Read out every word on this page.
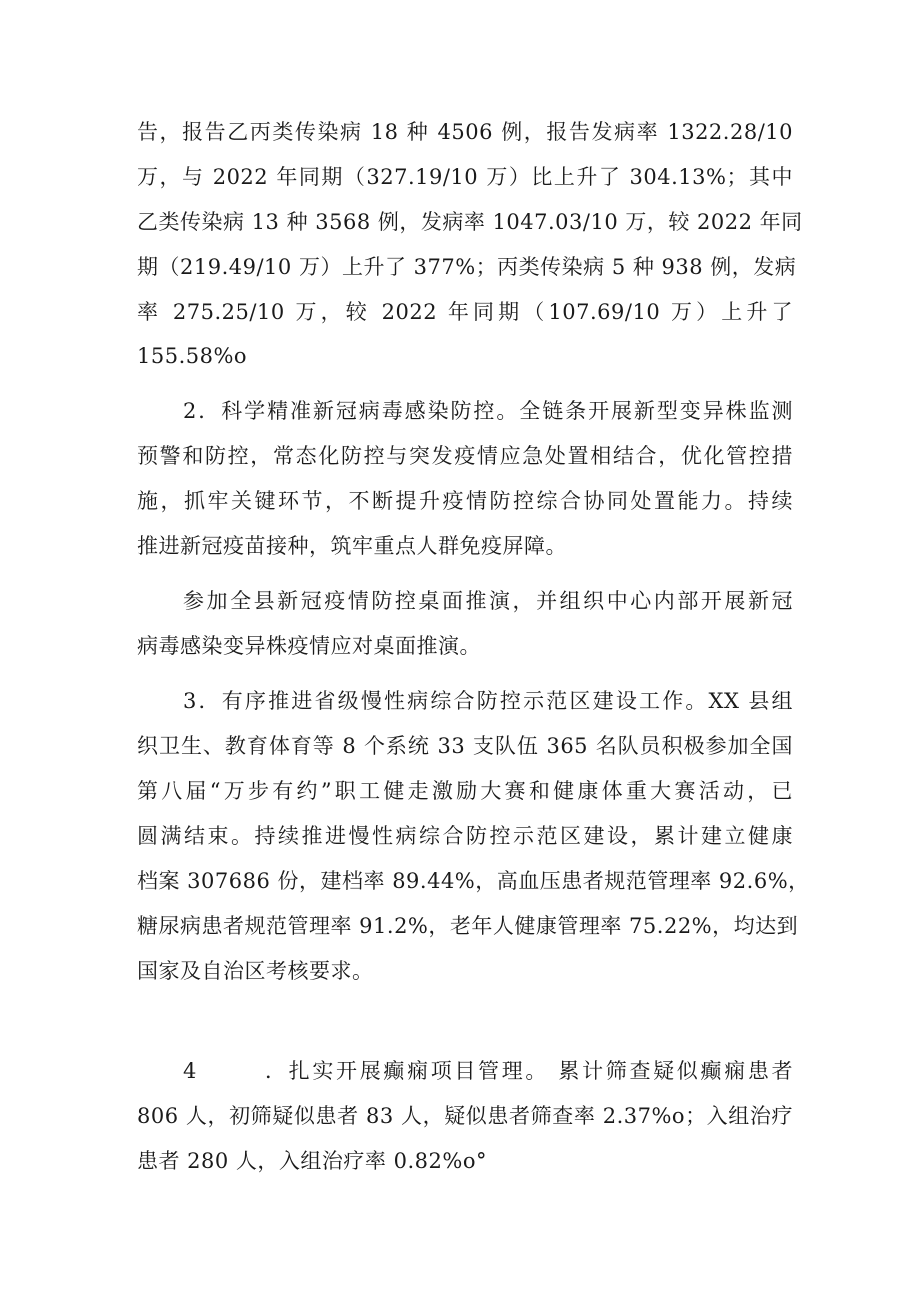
告，报告乙丙类传染病 18 种 4506 例，报告发病率 1322.28/10
万，与 2022 年同期（327.19/10 万）比上升了 304.13%；其中
乙类传染病 13 种 3568 例，发病率 1047.03/10 万，较 2022 年同
期（219.49/10 万）上升了 377%；丙类传染病 5 种 938 例，发病
率 275.25/10 万，较 2022 年同期（107.69/10 万）上升了
155.58%o
2．科学精准新冠病毒感染防控。全链条开展新型变异株监测
预警和防控，常态化防控与突发疫情应急处置相结合，优化管控措
施，抓牢关键环节，不断提升疫情防控综合协同处置能力。持续
推进新冠疫苗接种，筑牢重点人群免疫屏障。
参加全县新冠疫情防控桌面推演，并组织中心内部开展新冠
病毒感染变异株疫情应对桌面推演。
3．有序推进省级慢性病综合防控示范区建设工作。XX 县组
织卫生、教育体育等 8 个系统 33 支队伍 365 名队员积极参加全国
第八届“万步有约”职工健走激励大赛和健康体重大赛活动，已
圆满结束。持续推进慢性病综合防控示范区建设，累计建立健康
档案 307686 份，建档率 89.44%，高血压患者规范管理率 92.6%，
糖尿病患者规范管理率 91.2%，老年人健康管理率 75.22%，均达到
国家及自治区考核要求。
4	．扎实开展癫痫项目管理。 累计筛查疑似癫痫患者
806 人，初筛疑似患者 83 人，疑似患者筛查率 2.37%o；入组治疗
患者 280 人，入组治疗率 0.82%o°
